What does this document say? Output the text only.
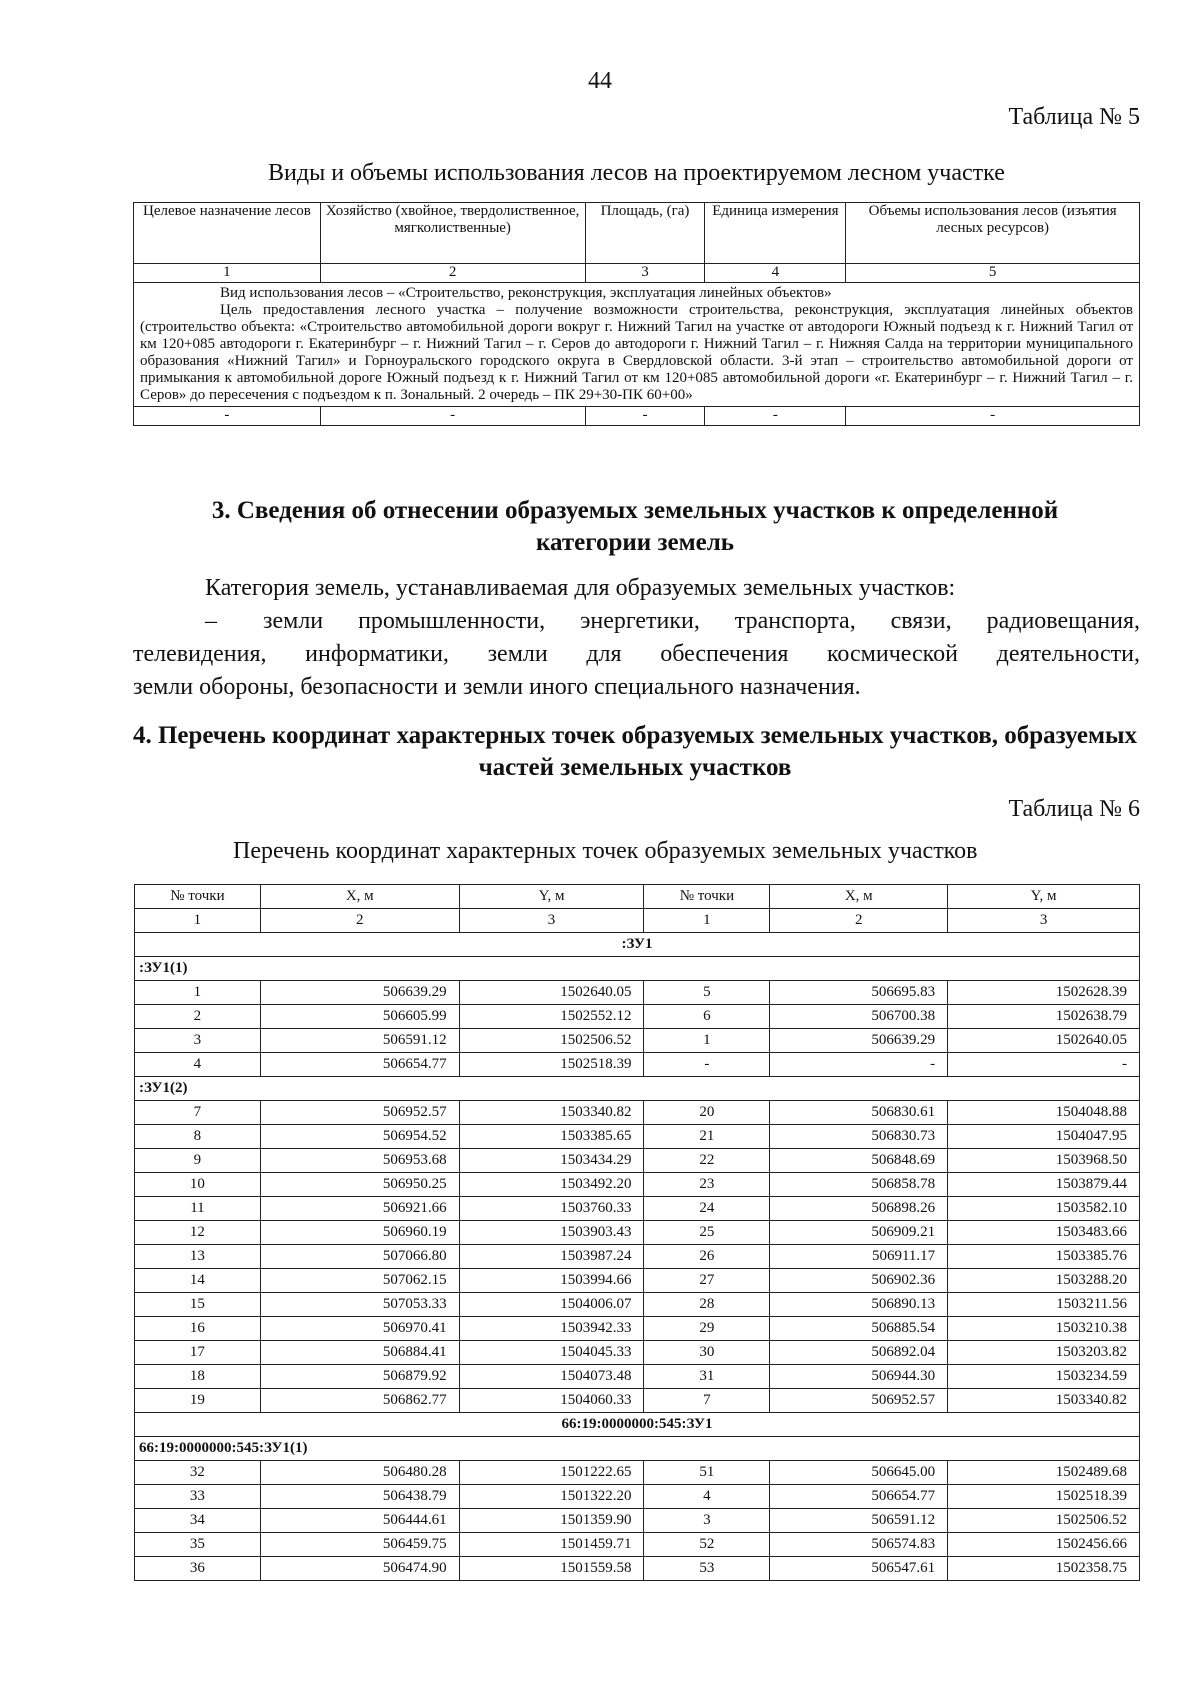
44
Таблица № 5
Виды и объемы использования лесов на проектируемом лесном участке
Целевое назначение лесов	Хозяйство (хвойное, твердолиственное, мягколиственные)	Площадь, (га)	Единица измерения	Объемы использования лесов (изъятия лесных ресурсов)
1	2	3	4	5

Вид использования лесов – «Строительство, реконструкция, эксплуатация линейных объектов»

Цель предоставления лесного участка – получение возможности строительства, реконструкция, эксплуатация линейных объектов (строительство объекта: «Строительство автомобильной дороги вокруг г. Нижний Тагил на участке от автодороги Южный подъезд к г. Нижний Тагил от км 120+085 автодороги г. Екатеринбург – г. Нижний Тагил – г. Серов до автодороги г. Нижний Тагил – г. Нижняя Салда на территории муниципального образования «Нижний Тагил» и Горноуральского городского округа в Свердловской области. 3-й этап – строительство автомобильной дороги от примыкания к автомобильной дороге Южный подъезд к г. Нижний Тагил от км 120+085 автомобильной дороги «г. Екатеринбург – г. Нижний Тагил – г. Серов» до пересечения с подъездом к п. Зональный. 2 очередь – ПК 29+30-ПК 60+00»				

-	-	-	-	-
3. Сведения об отнесении образуемых земельных участков к определенной категории земель
Категория земель, устанавливаемая для образуемых земельных участков:
– земли промышленности, энергетики, транспорта, связи, радиовещания,
телевидения, информатики, земли для обеспечения космической деятельности,
земли обороны, безопасности и земли иного специального назначения.
4. Перечень координат характерных точек образуемых земельных участков, образуемых частей земельных участков
Таблица № 6
Перечень координат характерных точек образуемых земельных участков
№ точки	X, м	Y, м	№ точки	X, м	Y, м
1	2	3	1	2	3
:ЗУ1					
:ЗУ1(1)					
1	506639.29	1502640.05	5	506695.83	1502628.39
2	506605.99	1502552.12	6	506700.38	1502638.79
3	506591.12	1502506.52	1	506639.29	1502640.05
4	506654.77	1502518.39	-	-	-
:ЗУ1(2)					
7	506952.57	1503340.82	20	506830.61	1504048.88
8	506954.52	1503385.65	21	506830.73	1504047.95
9	506953.68	1503434.29	22	506848.69	1503968.50
10	506950.25	1503492.20	23	506858.78	1503879.44
11	506921.66	1503760.33	24	506898.26	1503582.10
12	506960.19	1503903.43	25	506909.21	1503483.66
13	507066.80	1503987.24	26	506911.17	1503385.76
14	507062.15	1503994.66	27	506902.36	1503288.20
15	507053.33	1504006.07	28	506890.13	1503211.56
16	506970.41	1503942.33	29	506885.54	1503210.38
17	506884.41	1504045.33	30	506892.04	1503203.82
18	506879.92	1504073.48	31	506944.30	1503234.59
19	506862.77	1504060.33	7	506952.57	1503340.82
66:19:0000000:545:ЗУ1					
66:19:0000000:545:ЗУ1(1)					
32	506480.28	1501222.65	51	506645.00	1502489.68
33	506438.79	1501322.20	4	506654.77	1502518.39
34	506444.61	1501359.90	3	506591.12	1502506.52
35	506459.75	1501459.71	52	506574.83	1502456.66
36	506474.90	1501559.58	53	506547.61	1502358.75
